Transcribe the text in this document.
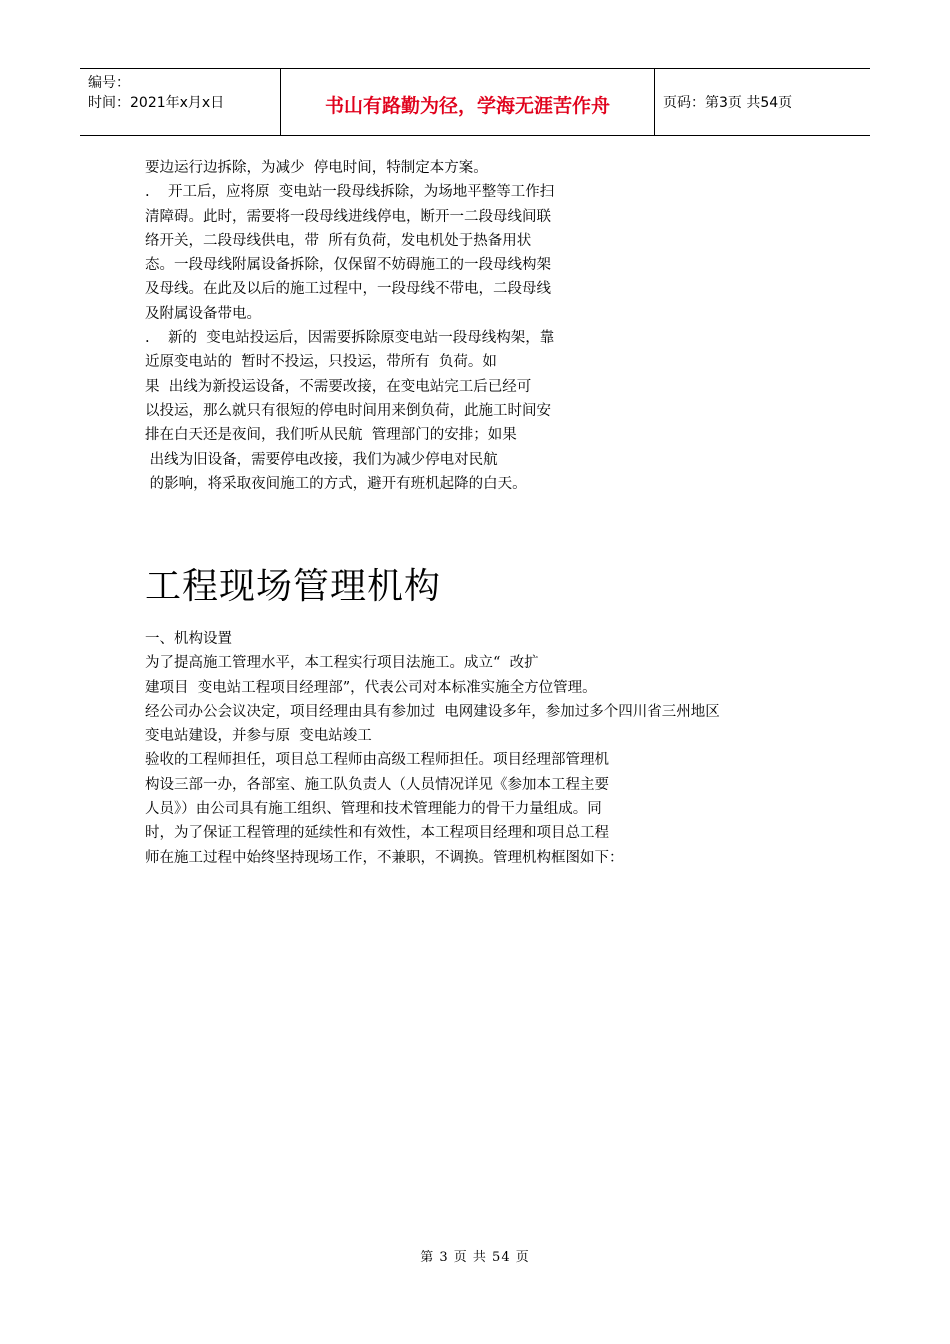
编号：
时间：2021年x月x日	书山有路勤为径，学海无涯苦作舟	页码：第3页 共54页
要边运行边拆除，为减少  停电时间，特制定本方案。
.    开工后，应将原  变电站一段母线拆除，为场地平整等工作扫
清障碍。此时，需要将一段母线进线停电，断开一二段母线间联
络开关，二段母线供电，带  所有负荷，发电机处于热备用状
态。一段母线附属设备拆除，仅保留不妨碍施工的一段母线构架
及母线。在此及以后的施工过程中，一段母线不带电，二段母线
及附属设备带电。
.    新的  变电站投运后，因需要拆除原变电站一段母线构架，靠
近原变电站的  暂时不投运，只投运，带所有  负荷。如
果  出线为新投运设备，不需要改接，在变电站完工后已经可
以投运，那么就只有很短的停电时间用来倒负荷，此施工时间安
排在白天还是夜间，我们听从民航  管理部门的安排；如果
出线为旧设备，需要停电改接，我们为减少停电对民航
的影响，将采取夜间施工的方式，避开有班机起降的白天。
工程现场管理机构
一、机构设置
为了提高施工管理水平，本工程实行项目法施工。成立“  改扩
建项目  变电站工程项目经理部”，代表公司对本标准实施全方位管理。
经公司办公会议决定，项目经理由具有参加过  电网建设多年，参加过多个四川省三州地区
变电站建设，并参与原  变电站竣工
验收的工程师担任，项目总工程师由高级工程师担任。项目经理部管理机
构设三部一办，各部室、施工队负责人（人员情况详见《参加本工程主要
人员》）由公司具有施工组织、管理和技术管理能力的骨干力量组成。同
时，为了保证工程管理的延续性和有效性，本工程项目经理和项目总工程
师在施工过程中始终坚持现场工作，不兼职，不调换。管理机构框图如下：
第 3 页 共 54 页
